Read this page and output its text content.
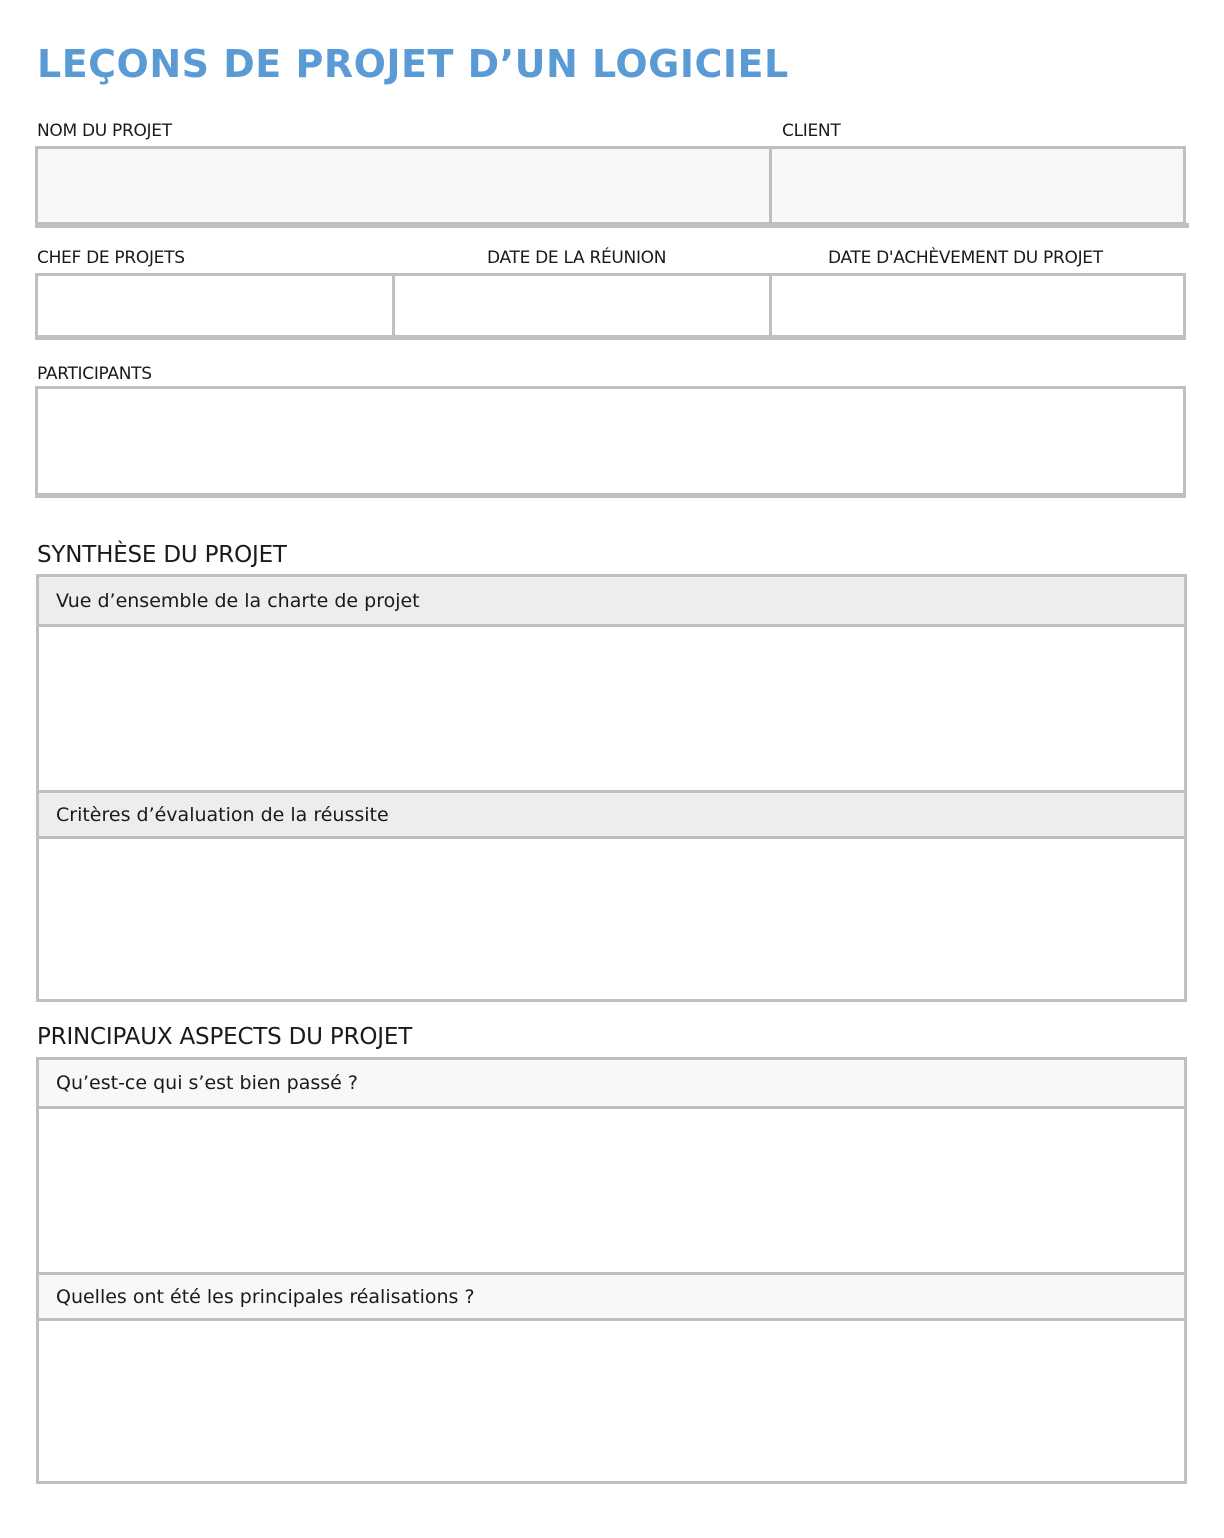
LEÇONS DE PROJET D’UN LOGICIEL
NOM DU PROJET	CLIENT
CHEF DE PROJETS	DATE DE LA RÉUNION	DATE D'ACHÈVEMENT DU PROJET
PARTICIPANTS
SYNTHÈSE DU PROJET
Vue d’ensemble de la charte de projet
Critères d’évaluation de la réussite
PRINCIPAUX ASPECTS DU PROJET
Qu’est-ce qui s’est bien passé ?
Quelles ont été les principales réalisations ?
